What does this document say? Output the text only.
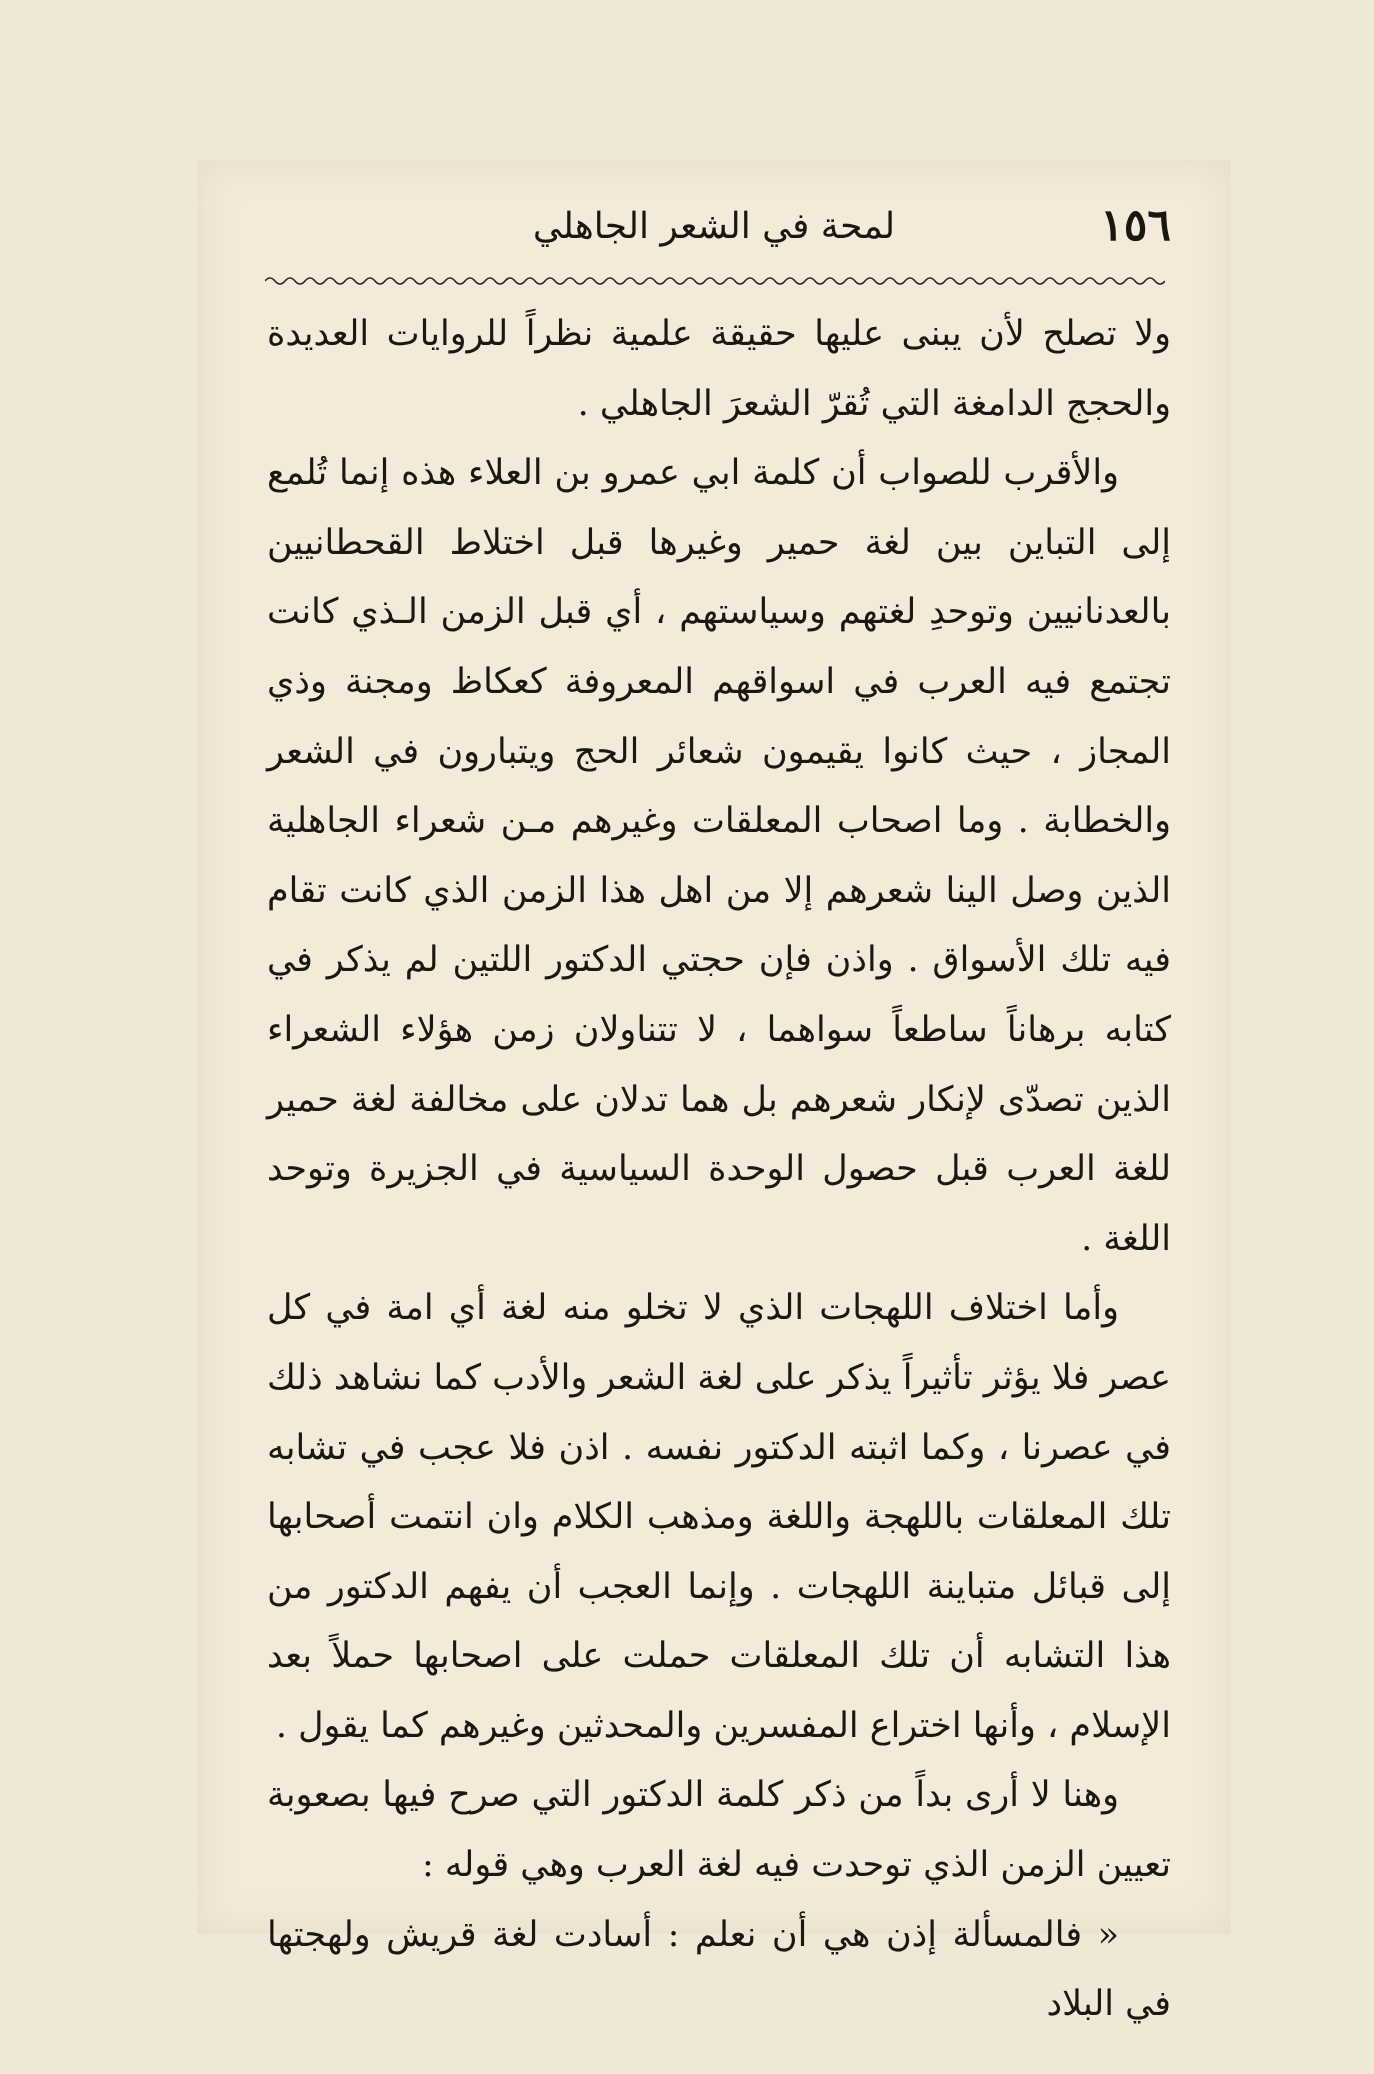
١٥٦
لمحة في الشعر الجاهلي

ولا تصلح لأن يبنى عليها حقيقة علمية نظراً للروايات العديدة والحجج الدامغة التي تُقرّ الشعرَ الجاهلي .

والأقرب للصواب أن كلمة ابي عمرو بن العلاء هذه إنما تُلمع إلى التباين بين لغة حمير وغيرها قبل اختلاط القحطانيين بالعدنانيين وتوحدِ لغتهم وسياستهم ، أي قبل الزمن الـذي كانت تجتمع فيه العرب في اسواقهم المعروفة كعكاظ ومجنة وذي المجاز ، حيث كانوا يقيمون شعائر الحج ويتبارون في الشعر والخطابة . وما اصحاب المعلقات وغيرهم مـن شعراء الجاهلية الذين وصل الينا شعرهم إلا من اهل هذا الزمن الذي كانت تقام فيه تلك الأسواق . واذن فإن حجتي الدكتور اللتين لم يذكر في كتابه برهاناً ساطعاً سواهما ، لا تتناولان زمن هؤلاء الشعراء الذين تصدّى لإنكار شعرهم بل هما تدلان على مخالفة لغة حمير للغة العرب قبل حصول الوحدة السياسية في الجزيرة وتوحد اللغة .

وأما اختلاف اللهجات الذي لا تخلو منه لغة أي امة في كل عصر فلا يؤثر تأثيراً يذكر على لغة الشعر والأدب كما نشاهد ذلك في عصرنا ، وكما اثبته الدكتور نفسه . اذن فلا عجب في تشابه تلك المعلقات باللهجة واللغة ومذهب الكلام وان انتمت أصحابها إلى قبائل متباينة اللهجات . وإنما العجب أن يفهم الدكتور من هذا التشابه أن تلك المعلقات حملت على اصحابها حملاً بعد الإسلام ، وأنها اختراع المفسرين والمحدثين وغيرهم كما يقول .

وهنا لا أرى بداً من ذكر كلمة الدكتور التي صرح فيها بصعوبة تعيين الزمن الذي توحدت فيه لغة العرب وهي قوله :

« فالمسألة إذن هي أن نعلم : أسادت لغة قريش ولهجتها في البلاد
